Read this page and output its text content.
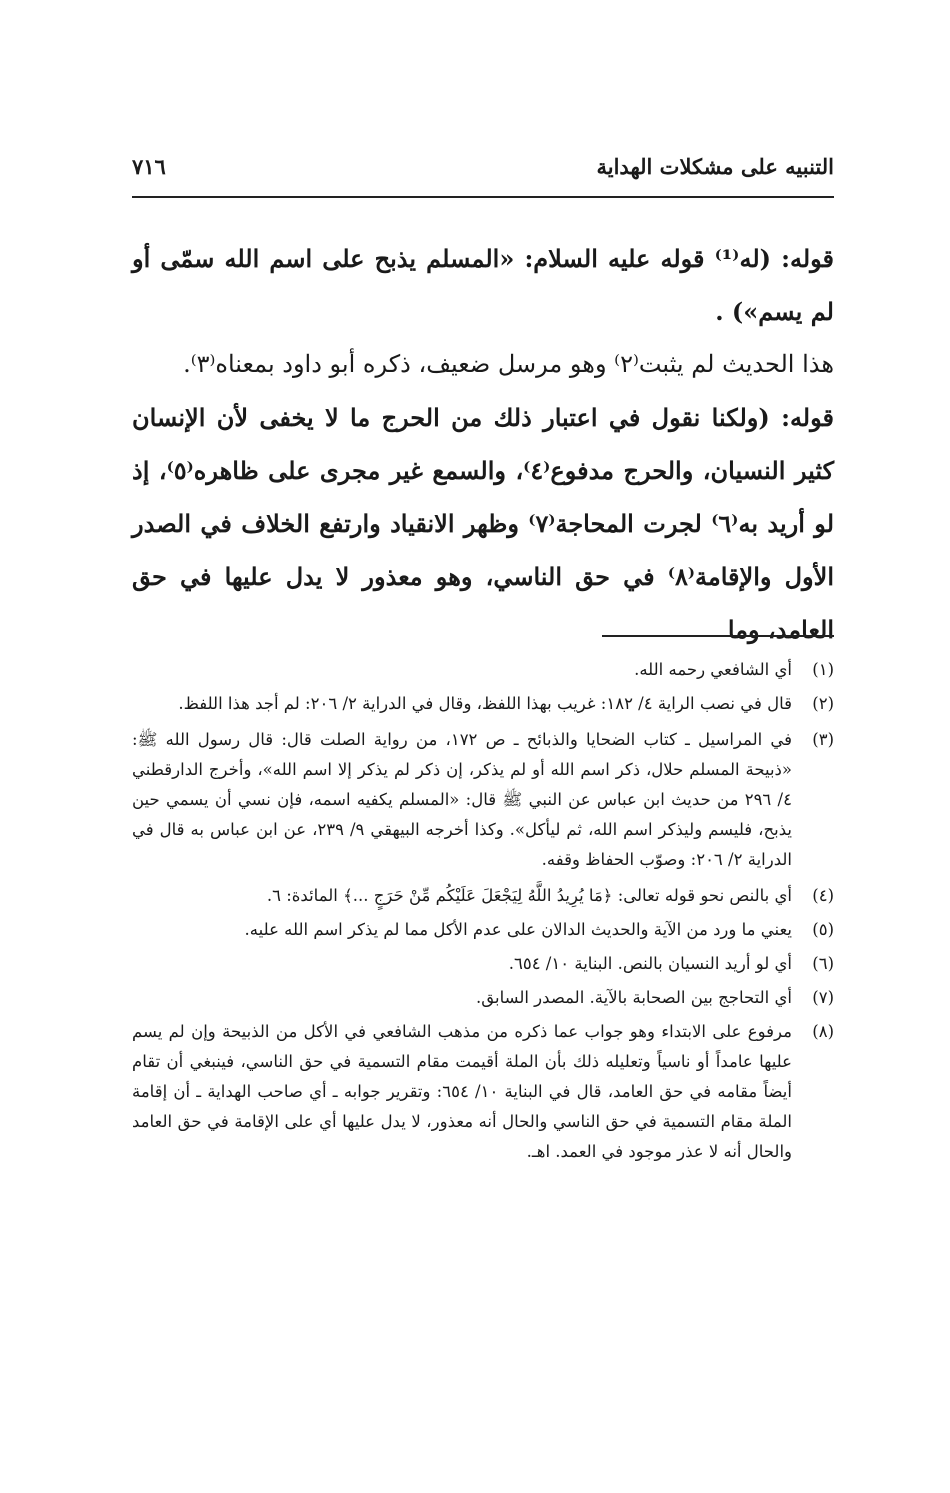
التنبيه على مشكلات الهداية
٧١٦

قوله: (له⁽¹⁾ قوله عليه السلام: «المسلم يذبح على اسم الله سمّى أو لم يسم») .

هذا الحديث لم يثبت⁽٢⁾ وهو مرسل ضعيف، ذكره أبو داود بمعناه⁽٣⁾.

قوله: (ولكنا نقول في اعتبار ذلك من الحرج ما لا يخفى لأن الإنسان كثير النسيان، والحرج مدفوع⁽٤⁾، والسمع غير مجرى على ظاهره⁽٥⁾، إذ لو أريد به⁽٦⁾ لجرت المحاجة⁽٧⁾ وظهر الانقياد وارتفع الخلاف في الصدر الأول والإقامة⁽٨⁾ في حق الناسي، وهو معذور لا يدل عليها في حق العامد، وما

(١)
أي الشافعي رحمه الله.
(٢)
قال في نصب الراية ٤/ ١٨٢: غريب بهذا اللفظ، وقال في الدراية ٢/ ٢٠٦: لم أجد هذا اللفظ.
(٣)
في المراسيل ـ كتاب الضحايا والذبائح ـ ص ١٧٢، من رواية الصلت قال: قال رسول الله ﷺ: «ذبيحة المسلم حلال، ذكر اسم الله أو لم يذكر، إن ذكر لم يذكر إلا اسم الله»، وأخرج الدارقطني ٤/ ٢٩٦ من حديث ابن عباس عن النبي ﷺ قال: «المسلم يكفيه اسمه، فإن نسي أن يسمي حين يذبح، فليسم وليذكر اسم الله، ثم ليأكل». وكذا أخرجه البيهقي ٩/ ٢٣٩، عن ابن عباس به قال في الدراية ٢/ ٢٠٦: وصوّب الحفاظ وقفه.
(٤)
أي بالنص نحو قوله تعالى: ﴿مَا يُرِيدُ اللَّهُ لِيَجْعَلَ عَلَيْكُم مِّنْ حَرَجٍ ...﴾ المائدة: ٦.
(٥)
يعني ما ورد من الآية والحديث الدالان على عدم الأكل مما لم يذكر اسم الله عليه.
(٦)
أي لو أريد النسيان بالنص. البناية ١٠/ ٦٥٤.
(٧)
أي التحاجج بين الصحابة بالآية. المصدر السابق.
(٨)
مرفوع على الابتداء وهو جواب عما ذكره من مذهب الشافعي في الأكل من الذبيحة وإن لم يسم عليها عامداً أو ناسياً وتعليله ذلك بأن الملة أقيمت مقام التسمية في حق الناسي، فينبغي أن تقام أيضاً مقامه في حق العامد، قال في البناية ١٠/ ٦٥٤: وتقرير جوابه ـ أي صاحب الهداية ـ أن إقامة الملة مقام التسمية في حق الناسي والحال أنه معذور، لا يدل عليها أي على الإقامة في حق العامد والحال أنه لا عذر موجود في العمد. اهـ.
